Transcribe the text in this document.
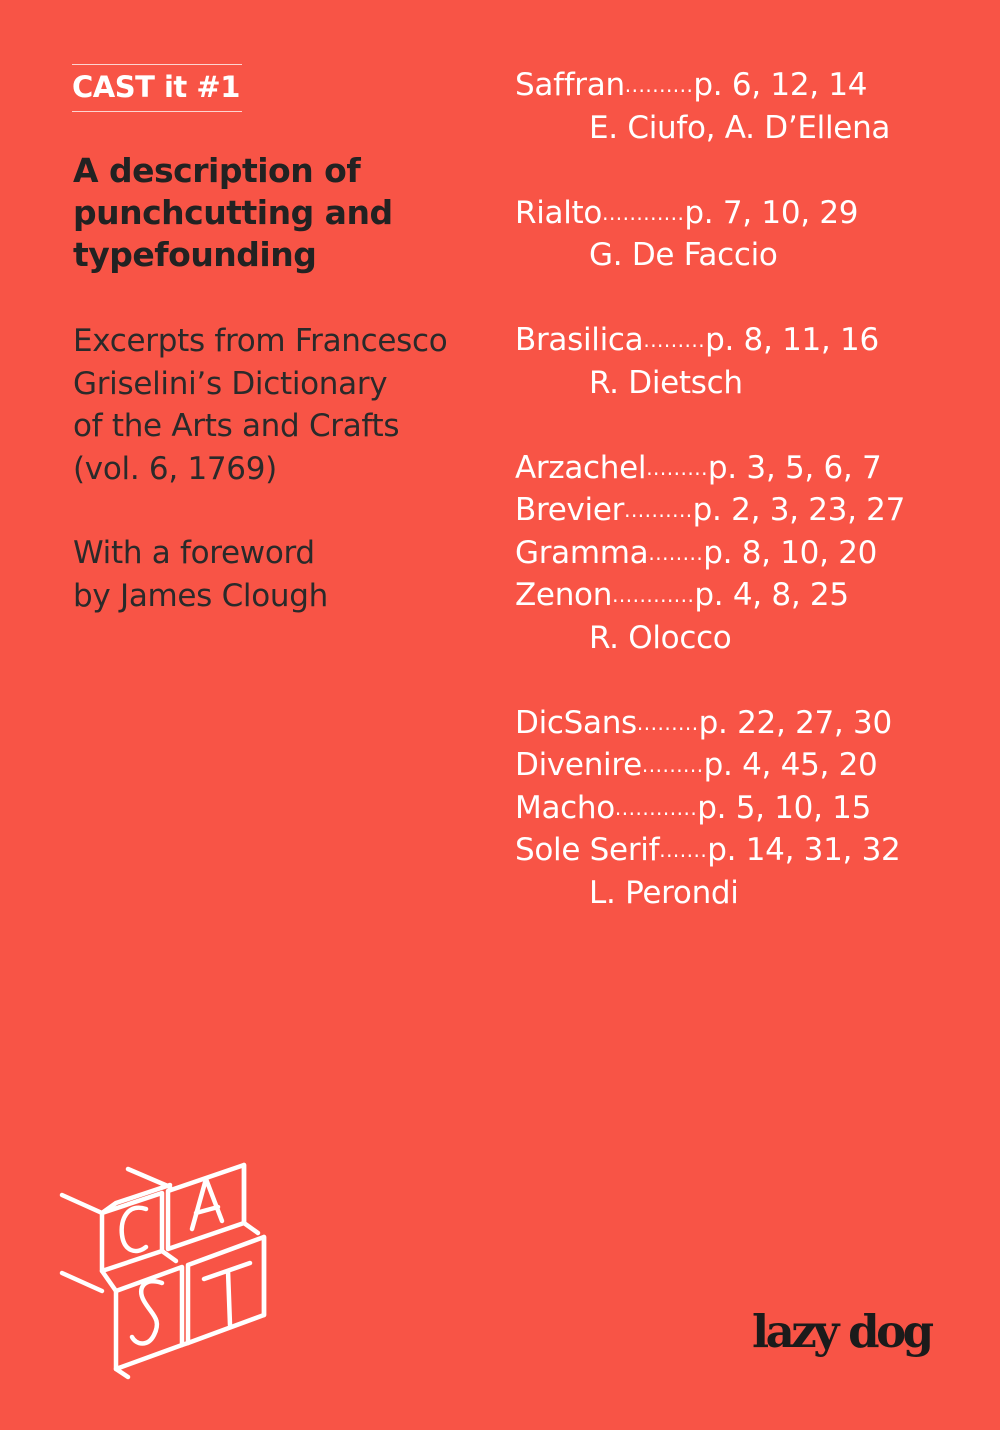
CAST it #1
A description of
punchcutting and
typefounding
Excerpts from Francesco
Griselini’s Dictionary
of the Arts and Crafts
(vol. 6, 1769)
With a foreword
by James Clough
Saffran .......... p. 6, 12, 14
E. Ciufo, A. D’Ellena
Rialto ............ p. 7, 10, 29
G. De Faccio
Brasilica ......... p. 8, 11, 16
R. Dietsch
Arzachel ......... p. 3, 5, 6, 7
Brevier .......... p. 2, 3, 23, 27
Gramma ........ p. 8, 10, 20
Zenon ............ p. 4, 8, 25
R. Olocco
DicSans ......... p. 22, 27, 30
Divenire ......... p. 4, 45, 20
Macho ............ p. 5, 10, 15
Sole Serif ....... p. 14, 31, 32
L. Perondi
lazy dog
